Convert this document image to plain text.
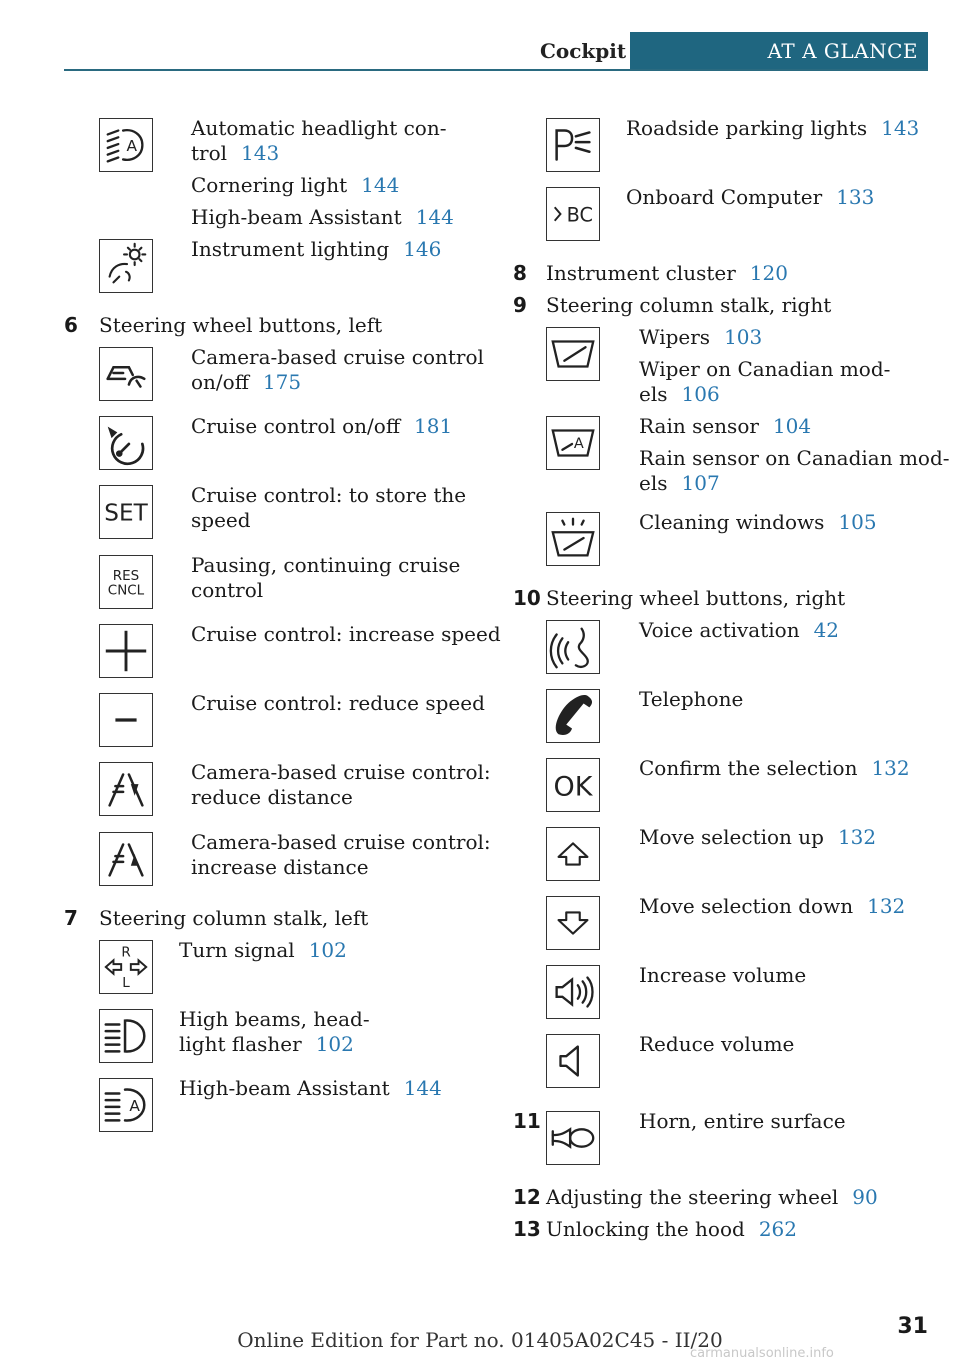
Cockpit	AT A GLANCE
A
Automatic headlight con-
trol 143
Cornering light 144
High-beam Assistant 144
Instrument lighting 146
6 Steering wheel buttons, left
Camera-based cruise control
on/off 175
Cruise control on/off 181
SET
Cruise control: to store the
speed
RES
CNCL
Pausing, continuing cruise
control
Cruise control: increase speed
Cruise control: reduce speed
Camera-based cruise control:
reduce distance
Camera-based cruise control:
increase distance
7 Steering column stalk, left
R
L
Turn signal 102
High beams, head-
light flasher 102
A
High-beam Assistant 144
Roadside parking lights 143
BC
Onboard Computer 133
8 Instrument cluster 120
9 Steering column stalk, right
Wipers 103
Wiper on Canadian mod-
els 106
A
Rain sensor 104
Rain sensor on Canadian mod-
els 107
Cleaning windows 105
10 Steering wheel buttons, right
Voice activation 42
Telephone
OK
Confirm the selection 132
Move selection up 132
Move selection down 132
Increase volume
Reduce volume
11	Horn, entire surface
12 Adjusting the steering wheel 90
13 Unlocking the hood 262
Online Edition for Part no. 01405A02C45 - II/20
31
carmanualsonline.info
